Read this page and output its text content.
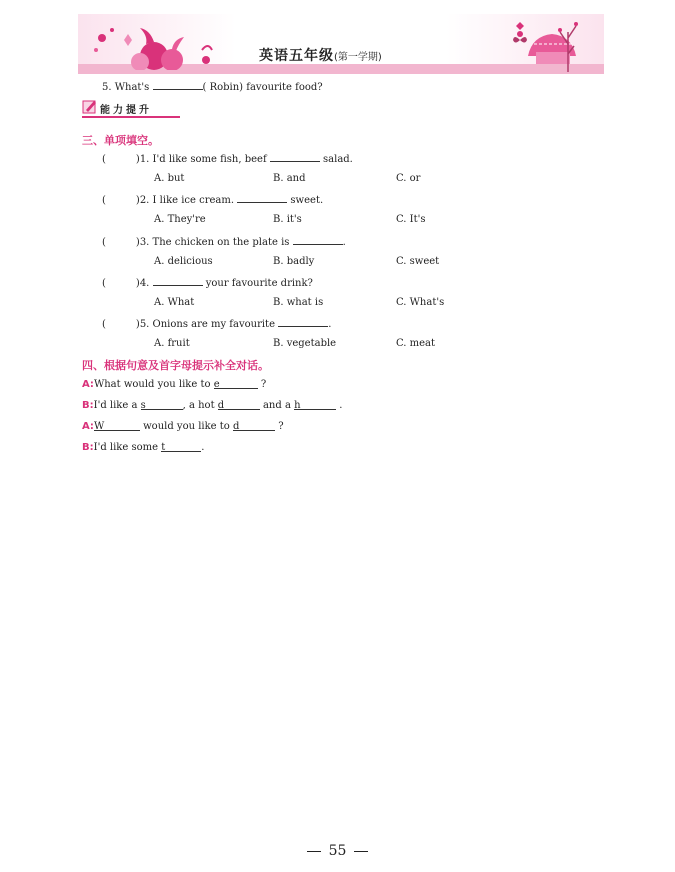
英语五年级(第一学期)
5. What's	( Robin) favourite food?
能力提升
三、单项填空。
(	)1. I'd like some fish, beef	salad.
A. but	B. and	C. or
(	)2. I like ice cream.	sweet.
A. They're	B. it's	C. It's
(	)3. The chicken on the plate is	.
A. delicious	B. badly	C. sweet
(	)4.	your favourite drink?
A. What	B. what is	C. What's
(	)5. Onions are my favourite	.
A. fruit	B. vegetable	C. meat
四、根据句意及首字母提示补全对话。
A:What would you like to e	?
B:I'd like a s	, a hot d	and a h	.
A:W	would you like to d	?
B:I'd like some t	.
55
